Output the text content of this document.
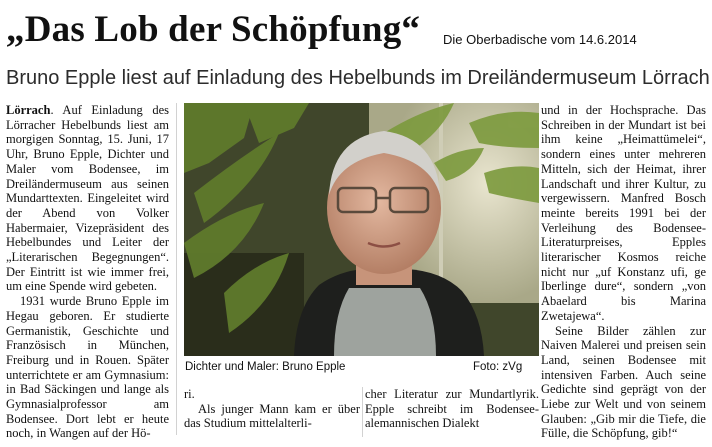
„Das Lob der Schöpfung“ Die Oberbadische vom 14.6.2014
Bruno Epple liest auf Einladung des Hebelbunds im Dreiländermuseum Lörrach

Lörrach. Auf Einladung des Lörracher Hebelbunds liest am morgigen Sonntag, 15. Juni, 17 Uhr, Bruno Epple, Dichter und Maler vom Bodensee, im Dreiländermuseum aus seinen Mundarttexten. Eingeleitet wird der Abend von Volker Habermaier, Vizepräsident des Hebelbundes und Leiter der „Literarischen Begegnungen“. Der Eintritt ist wie immer frei, um eine Spende wird gebeten.

1931 wurde Bruno Epple im Hegau geboren. Er studierte Germanistik, Geschichte und Französisch in München, Freiburg und in Rouen. Später unterrichtete er am Gymnasium: in Bad Säckingen und lange als Gymnasialprofessor am Bodensee. Dort lebt er heute noch, in Wangen auf der Hö-

Dichter und Maler: Bruno Epple	Foto: zVg

ri.

Als junger Mann kam er über das Studium mittelalterli-

cher Literatur zur Mundartlyrik. Epple schreibt im Bodensee-alemannischen Dialekt

und in der Hochsprache. Das Schreiben in der Mundart ist bei ihm keine „Heimattümelei“, sondern eines unter mehreren Mitteln, sich der Heimat, ihrer Landschaft und ihrer Kultur, zu vergewissern. Manfred Bosch meinte bereits 1991 bei der Verleihung des Bodensee-Literaturpreises, Epples literarischer Kosmos reiche nicht nur „uf Konstanz ufi, ge Iberlinge dure“, sondern „von Abaelard bis Marina Zwetajewa“.

Seine Bilder zählen zur Naiven Malerei und preisen sein Land, seinen Bodensee mit intensiven Farben. Auch seine Gedichte sind geprägt von der Liebe zur Welt und von seinem Glauben: „Gib mir die Tiefe, die Fülle, die Schöpfung, gib!“
